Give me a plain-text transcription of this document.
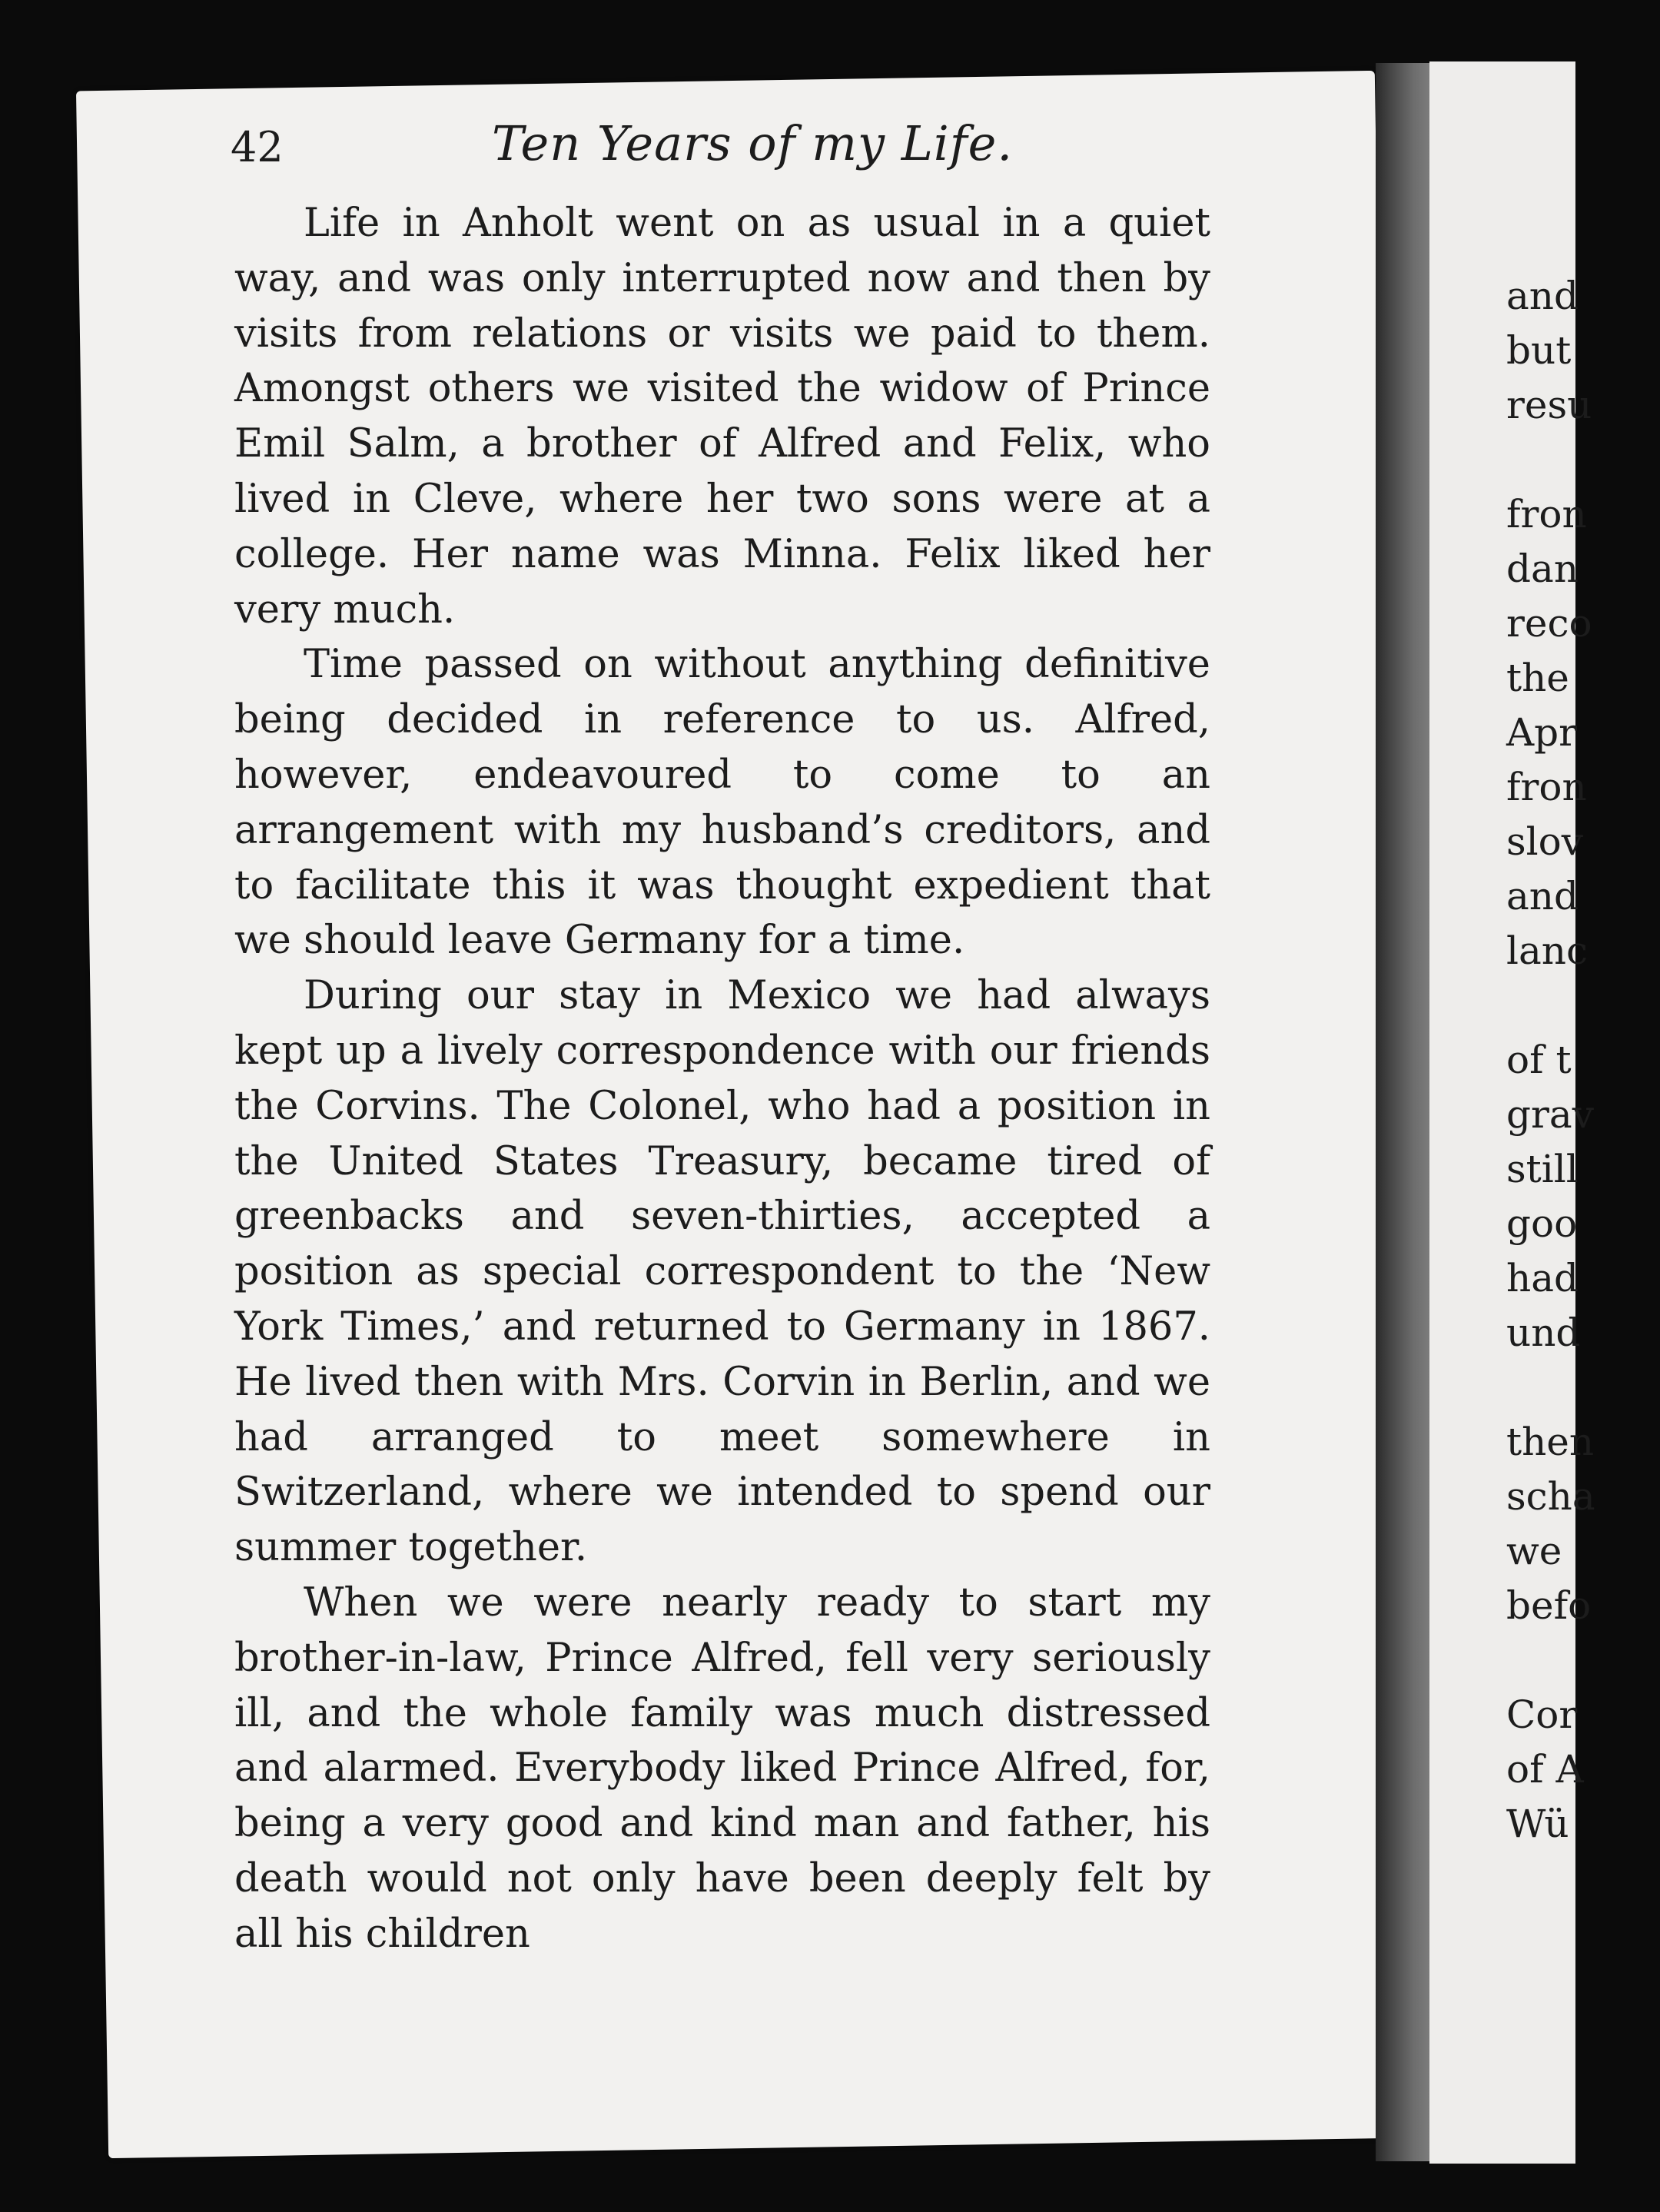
and
but
resu
fron
dan
reco
the
Apr
fron
slov
and
lanc
of t
grav
still
goo
had
und
then
scha
we
befo
Cor
of A
Wü
42	Ten Years of my Life.

Life in Anholt went on as usual in a quiet way, and was only interrupted now and then by visits from relations or visits we paid to them. Amongst others we visited the widow of Prince Emil Salm, a brother of Alfred and Felix, who lived in Cleve, where her two sons were at a college. Her name was Minna. Felix liked her very much.

Time passed on without anything definitive being decided in reference to us. Alfred, however, endeavoured to come to an arrangement with my husband’s creditors, and to facilitate this it was thought expedient that we should leave Germany for a time.

During our stay in Mexico we had always kept up a lively correspondence with our friends the Corvins. The Colonel, who had a position in the United States Treasury, became tired of greenbacks and seven-thirties, accepted a position as special correspondent to the ‘New York Times,’ and returned to Germany in 1867. He lived then with Mrs. Corvin in Berlin, and we had arranged to meet somewhere in Switzerland, where we intended to spend our summer together.

When we were nearly ready to start my brother-in-law, Prince Alfred, fell very seriously ill, and the whole family was much distressed and alarmed. Everybody liked Prince Alfred, for, being a very good and kind man and father, his death would not only have been deeply felt by all his children
